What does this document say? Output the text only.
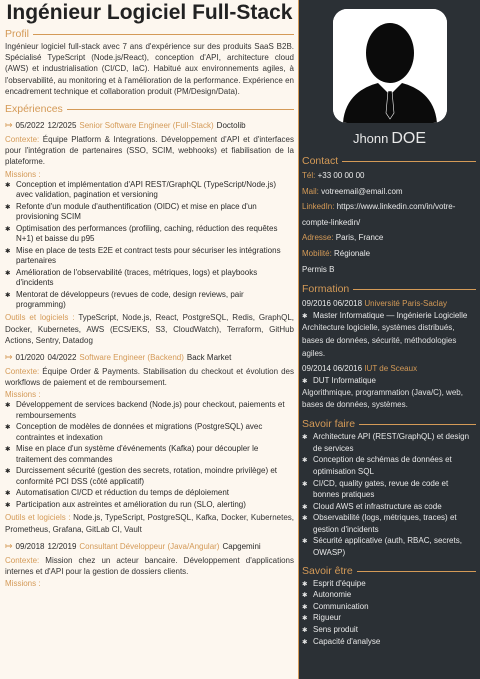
Ingénieur Logiciel Full-Stack
Profil

Ingénieur logiciel full-stack avec 7 ans d'expérience sur des produits SaaS B2B. Spécialisé TypeScript (Node.js/React), conception d'API, architecture cloud (AWS) et industrialisation (CI/CD, IaC). Habitué aux environnements agiles, à l'observabilité, au monitoring et à l'amélioration de la performance. Expérience en encadrement technique et collaboration produit (PM/Design/Data).

Expériences
↦ 05/2022 12/2025 Senior Software Engineer (Full-Stack) Doctolib

Contexte: Équipe Platform & Integrations. Développement d'API et d'interfaces pour l'intégration de partenaires (SSO, SCIM, webhooks) et fiabilisation de la plateforme.

Missions :
✱ Conception et implémentation d'API REST/GraphQL (TypeScript/Node.js) avec validation, pagination et versioning
✱ Refonte d'un module d'authentification (OIDC) et mise en place d'un provisioning SCIM
✱ Optimisation des performances (profiling, caching, réduction des requêtes N+1) et baisse du p95
✱ Mise en place de tests E2E et contract tests pour sécuriser les intégrations partenaires
✱ Amélioration de l'observabilité (traces, métriques, logs) et playbooks d'incidents
✱ Mentorat de développeurs (revues de code, design reviews, pair programming)

Outils et logiciels : TypeScript, Node.js, React, PostgreSQL, Redis, GraphQL, Docker, Kubernetes, AWS (ECS/EKS, S3, CloudWatch), Terraform, GitHub Actions, Sentry, Datadog

↦ 01/2020 04/2022 Software Engineer (Backend) Back Market

Contexte: Équipe Order & Payments. Stabilisation du checkout et évolution des workflows de paiement et de remboursement.

Missions :
✱ Développement de services backend (Node.js) pour checkout, paiements et remboursements
✱ Conception de modèles de données et migrations (PostgreSQL) avec contraintes et indexation
✱ Mise en place d'un système d'événements (Kafka) pour découpler le traitement des commandes
✱ Durcissement sécurité (gestion des secrets, rotation, moindre privilège) et conformité PCI DSS (côté applicatif)
✱ Automatisation CI/CD et réduction du temps de déploiement
✱ Participation aux astreintes et amélioration du run (SLO, alerting)

Outils et logiciels : Node.js, TypeScript, PostgreSQL, Kafka, Docker, Kubernetes, Prometheus, Grafana, GitLab CI, Vault

↦ 09/2018 12/2019 Consultant Développeur (Java/Angular) Capgemini

Contexte: Mission chez un acteur bancaire. Développement d'applications internes et d'API pour la gestion de dossiers clients.

Missions :
Jhonn DOE
Contact
Tél: +33 00 00 00
Mail: votreemail@email.com
LinkedIn: https://www.linkedin.com/in/votre-compte-linkedin/
Adresse: Paris, France
Mobilité: Régionale
Permis B
Formation
09/2016 06/2018 Université Paris-Saclay
✱ Master Informatique — Ingénierie Logicielle
Architecture logicielle, systèmes distribués, bases de données, sécurité, méthodologies agiles.
09/2014 06/2016 IUT de Sceaux
✱ DUT Informatique
Algorithmique, programmation (Java/C), web, bases de données, systèmes.
Savoir faire
✱ Architecture API (REST/GraphQL) et design de services
✱ Conception de schémas de données et optimisation SQL
✱ CI/CD, quality gates, revue de code et bonnes pratiques
✱ Cloud AWS et infrastructure as code
✱ Observabilité (logs, métriques, traces) et gestion d'incidents
✱ Sécurité applicative (auth, RBAC, secrets, OWASP)
Savoir être
✱ Esprit d'équipe
✱ Autonomie
✱ Communication
✱ Rigueur
✱ Sens produit
✱ Capacité d'analyse
